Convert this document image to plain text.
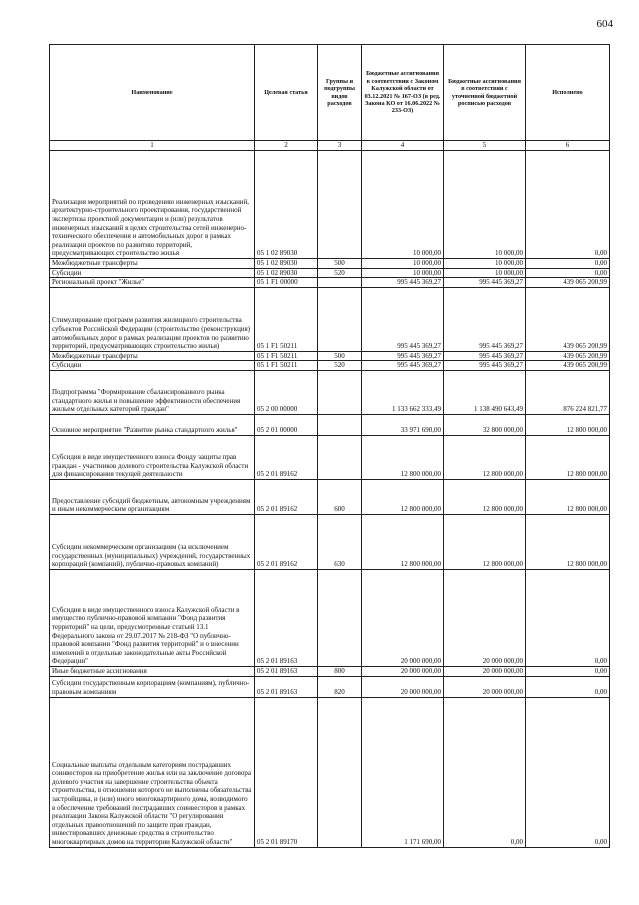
604
Наименование	Целевая статья	Группы и подгруппы видов расходов	Бюджетные ассигнования в соответствии с Законом Калужской области от 03.12.2021 № 167-ОЗ (в ред. Закона КО от 16.06.2022 № 233-ОЗ)	Бюджетные ассигнования в соответствии с уточненной бюджетной росписью расходов	Исполнено
1	2	3	4	5	6
Реализация мероприятий по проведению инженерных изысканий, архитектурно-строительного проектирования, государственной экспертизы проектной документации и (или) результатов инженерных изысканий в целях строительства сетей инженерно-технического обеспечения и автомобильных дорог в рамках реализации проектов по развитию территорий, предусматривающих строительство жилья	05 1 02 89030		10 000,00	10 000,00	0,00
Межбюджетные трансферты	05 1 02 89030	500	10 000,00	10 000,00	0,00
Субсидии	05 1 02 89030	520	10 000,00	10 000,00	0,00
Региональный проект "Жилье"	05 1 F1 00000		995 445 369,27	995 445 369,27	439 065 200,99
Стимулирование программ развития жилищного строительства субъектов Российской Федерации (строительство (реконструкция) автомобильных дорог в рамках реализации проектов по развитию территорий, предусматривающих строительство жилья)	05 1 F1 50211		995 445 369,27	995 445 369,27	439 065 200,99
Межбюджетные трансферты	05 1 F1 50211	500	995 445 369,27	995 445 369,27	439 065 200,99
Субсидии	05 1 F1 50211	520	995 445 369,27	995 445 369,27	439 065 200,99
Подпрограмма "Формирование сбалансированного рынка стандартного жилья и повышение эффективности обеспечения жильем отдельных категорий граждан"	05 2 00 00000		1 133 662 333,49	1 138 490 643,49	876 224 821,77
Основное мероприятие "Развитие рынка стандартного жилья"	05 2 01 00000		33 971 690,00	32 800 000,00	12 800 000,00
Субсидия в виде имущественного взноса Фонду защиты прав граждан - участников долевого строительства Калужской области для финансирования текущей деятельности	05 2 01 89162		12 800 000,00	12 800 000,00	12 800 000,00
Предоставление субсидий бюджетным, автономным учреждениям и иным некоммерческим организациям	05 2 01 89162	600	12 800 000,00	12 800 000,00	12 800 000,00
Субсидии некоммерческим организациям (за исключением государственных (муниципальных) учреждений, государственных корпораций (компаний), публично-правовых компаний)	05 2 01 89162	630	12 800 000,00	12 800 000,00	12 800 000,00
Субсидия в виде имущественного взноса Калужской области в имущество публично-правовой компании "Фонд развития территорий" на цели, предусмотренные статьей 13.1 Федерального закона от 29.07.2017 № 218-ФЗ "О публично-правовой компании "Фонд развития территорий" и о внесении изменений в отдельные законодательные акты Российской Федерации"	05 2 01 89163		20 000 000,00	20 000 000,00	0,00
Иные бюджетные ассигнования	05 2 01 89163	800	20 000 000,00	20 000 000,00	0,00
Субсидии государственным корпорациям (компаниям), публично-правовым компаниям	05 2 01 89163	820	20 000 000,00	20 000 000,00	0,00
Социальные выплаты отдельным категориям пострадавших соинвесторов на приобретение жилья или на заключение договора долевого участия на завершение строительства объекта строительства, в отношении которого не выполнены обязательства застройщика, и (или) иного многоквартирного дома, возводимого в обеспечение требований пострадавших соинвесторов в рамках реализации Закона Калужской области "О регулировании отдельных правоотношений по защите прав граждан, инвестировавших денежные средства в строительство многоквартирных домов на территории Калужской области"	05 2 01 89170		1 171 690,00	0,00	0,00
